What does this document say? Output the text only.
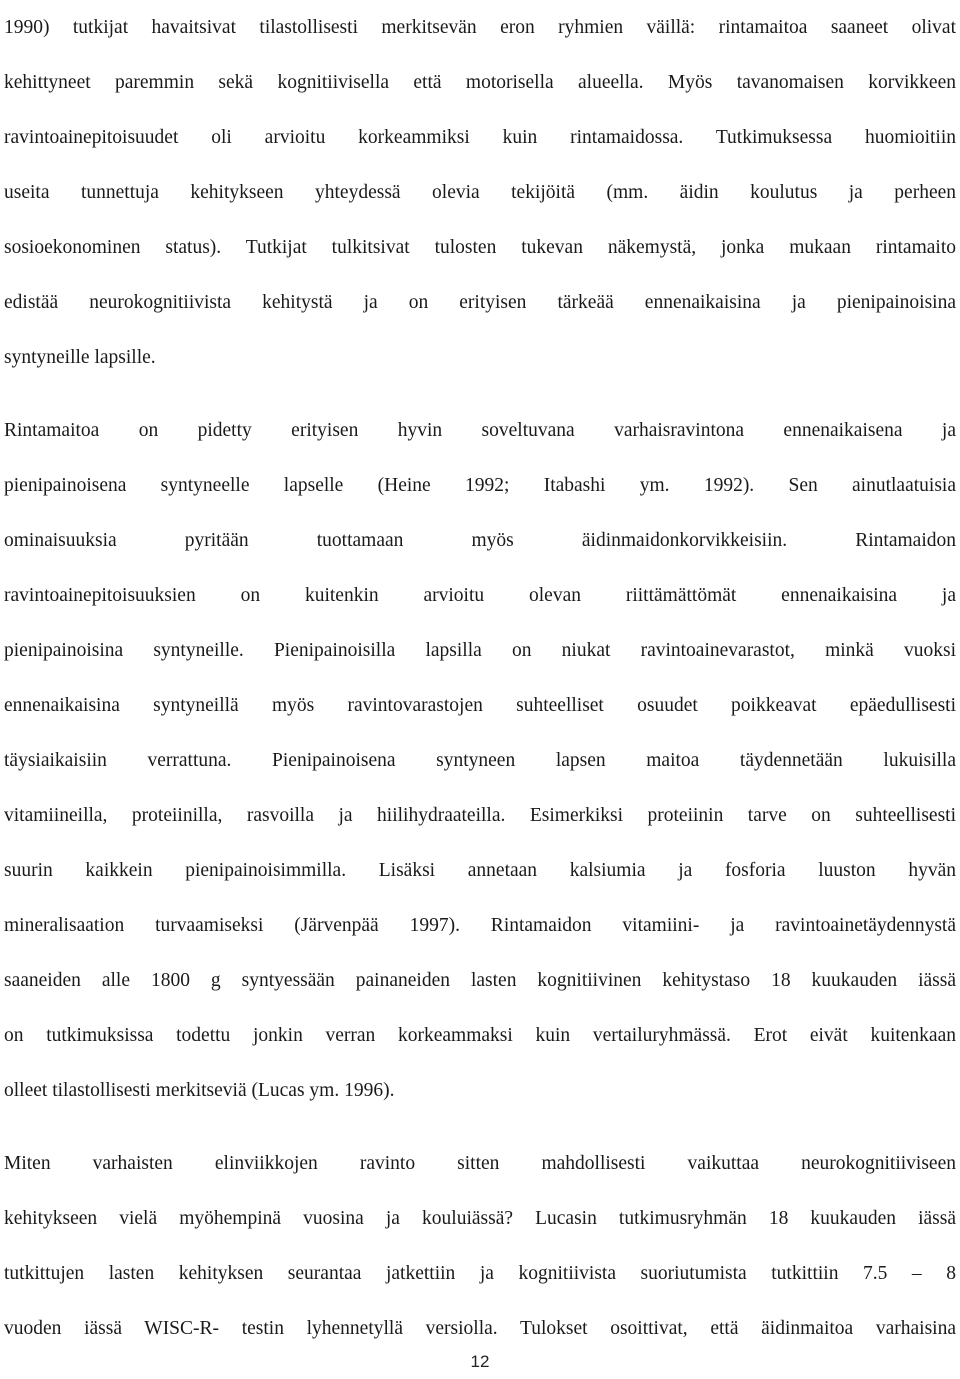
1990) tutkijat havaitsivat tilastollisesti merkitsevän eron ryhmien väillä: rintamaitoa saaneet olivat
kehittyneet paremmin sekä kognitiivisella että motorisella alueella. Myös tavanomaisen korvikkeen
ravintoainepitoisuudet oli arvioitu korkeammiksi kuin rintamaidossa. Tutkimuksessa huomioitiin
useita tunnettuja kehitykseen yhteydessä olevia tekijöitä (mm. äidin koulutus ja perheen
sosioekonominen status). Tutkijat tulkitsivat tulosten tukevan näkemystä, jonka mukaan rintamaito
edistää neurokognitiivista kehitystä ja on erityisen tärkeää ennenaikaisina ja pienipainoisina
syntyneille lapsille.
Rintamaitoa on pidetty erityisen hyvin soveltuvana varhaisravintona ennenaikaisena ja
pienipainoisena syntyneelle lapselle (Heine 1992; Itabashi ym. 1992). Sen ainutlaatuisia
ominaisuuksia pyritään tuottamaan myös äidinmaidonkorvikkeisiin. Rintamaidon
ravintoainepitoisuuksien on kuitenkin arvioitu olevan riittämättömät ennenaikaisina ja
pienipainoisina syntyneille. Pienipainoisilla lapsilla on niukat ravintoainevarastot, minkä vuoksi
ennenaikaisina syntyneillä myös ravintovarastojen suhteelliset osuudet poikkeavat epäedullisesti
täysiaikaisiin verrattuna. Pienipainoisena syntyneen lapsen maitoa täydennetään lukuisilla
vitamiineilla, proteiinilla, rasvoilla ja hiilihydraateilla. Esimerkiksi proteiinin tarve on suhteellisesti
suurin kaikkein pienipainoisimmilla. Lisäksi annetaan kalsiumia ja fosforia luuston hyvän
mineralisaation turvaamiseksi (Järvenpää 1997). Rintamaidon vitamiini- ja ravintoainetäydennystä
saaneiden alle 1800 g syntyessään painaneiden lasten kognitiivinen kehitystaso 18 kuukauden iässä
on tutkimuksissa todettu jonkin verran korkeammaksi kuin vertailuryhmässä. Erot eivät kuitenkaan
olleet tilastollisesti merkitseviä (Lucas ym. 1996).
Miten varhaisten elinviikkojen ravinto sitten mahdollisesti vaikuttaa neurokognitiiviseen
kehitykseen vielä myöhempinä vuosina ja kouluiässä? Lucasin tutkimusryhmän 18 kuukauden iässä
tutkittujen lasten kehityksen seurantaa jatkettiin ja kognitiivista suoriutumista tutkittiin 7.5 – 8
vuoden iässä WISC-R- testin lyhennetyllä versiolla. Tulokset osoittivat, että äidinmaitoa varhaisina
12
